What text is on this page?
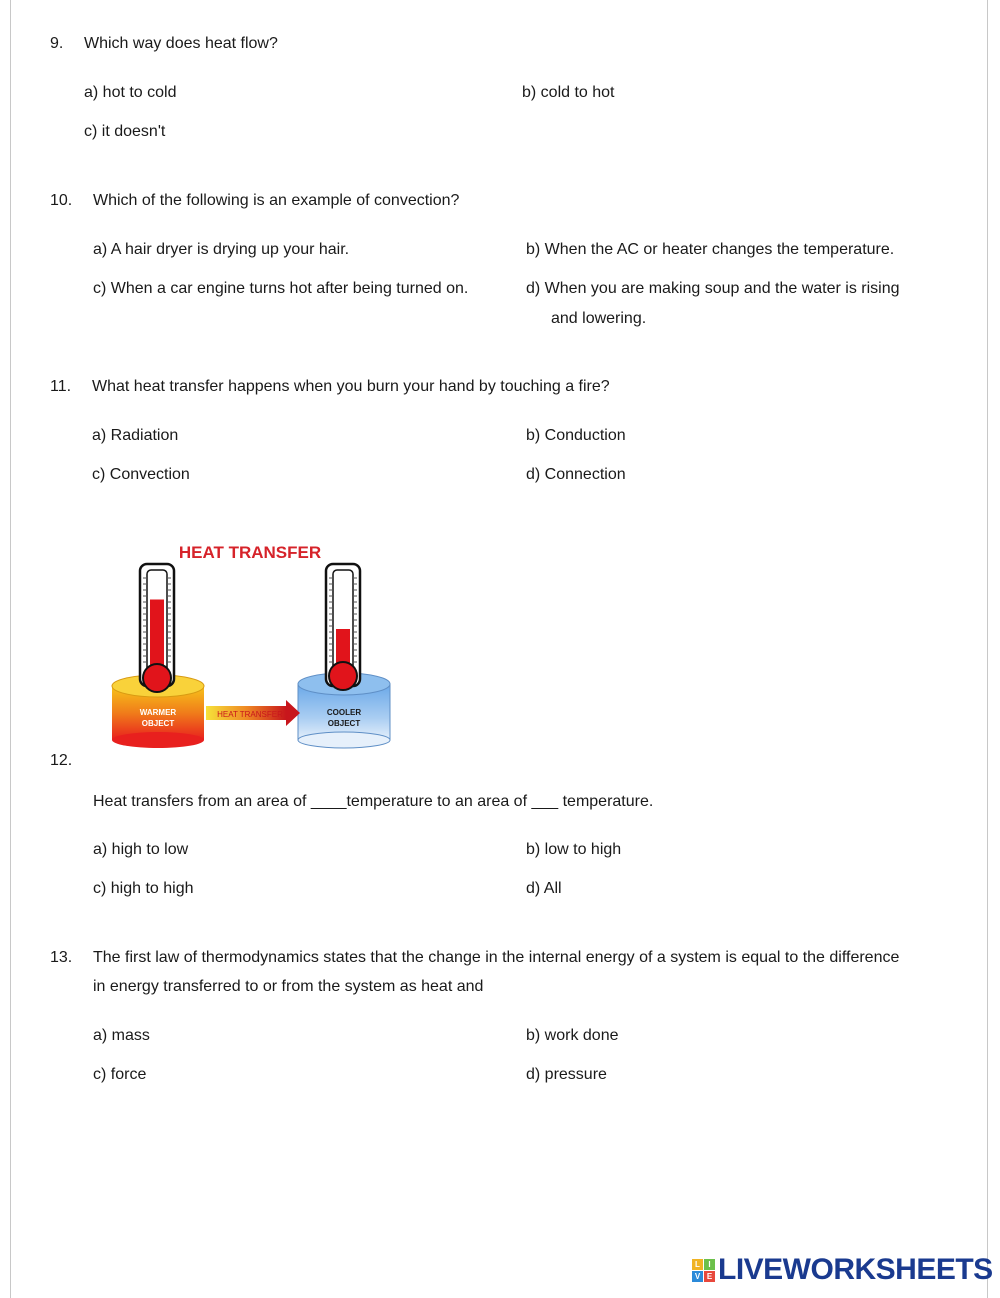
9. Which way does heat flow?
a) hot to cold	b) cold to hot
c) it doesn't
10. Which of the following is an example of convection?
a) A hair dryer is drying up your hair.	b) When the AC or heater changes the temperature.
c) When a car engine turns hot after being turned on.	d) When you are making soup and the water is rising
and lowering.
11. What heat transfer happens when you burn your hand by touching a fire?
a) Radiation	b) Conduction
c) Convection	d) Connection
HEAT TRANSFER
WARMER
OBJECT
COOLER
OBJECT
HEAT TRANSFER
12.
Heat transfers from an area of ____temperature to an area of ___ temperature.
a) high to low	b) low to high
c) high to high	d) All
13. The first law of thermodynamics states that the change in the internal energy of a system is equal to the difference
in energy transferred to or from the system as heat and
a) mass	b) work done
c) force	d) pressure
L	I
V E LIVEWORKSHEETS
